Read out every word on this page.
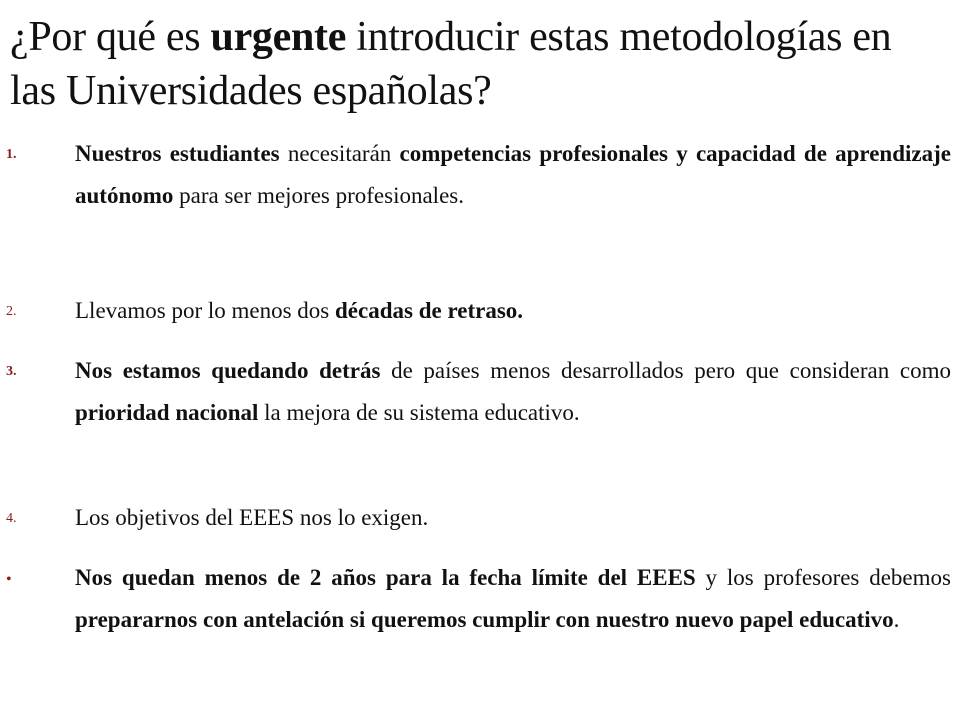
¿Por qué es urgente introducir estas metodologías en las Universidades españolas?
1.	Nuestros estudiantes necesitarán competencias profesionales y capacidad de aprendizaje autónomo para ser mejores profesionales.
2.	Llevamos por lo menos dos décadas de retraso.
3.	Nos estamos quedando detrás de países menos desarrollados pero que consideran como prioridad nacional la mejora de su sistema educativo.
4.	Los objetivos del EEES nos lo exigen.
•	Nos quedan menos de 2 años para la fecha límite del EEES y los profesores debemos prepararnos con antelación si queremos cumplir con nuestro nuevo papel educativo.
